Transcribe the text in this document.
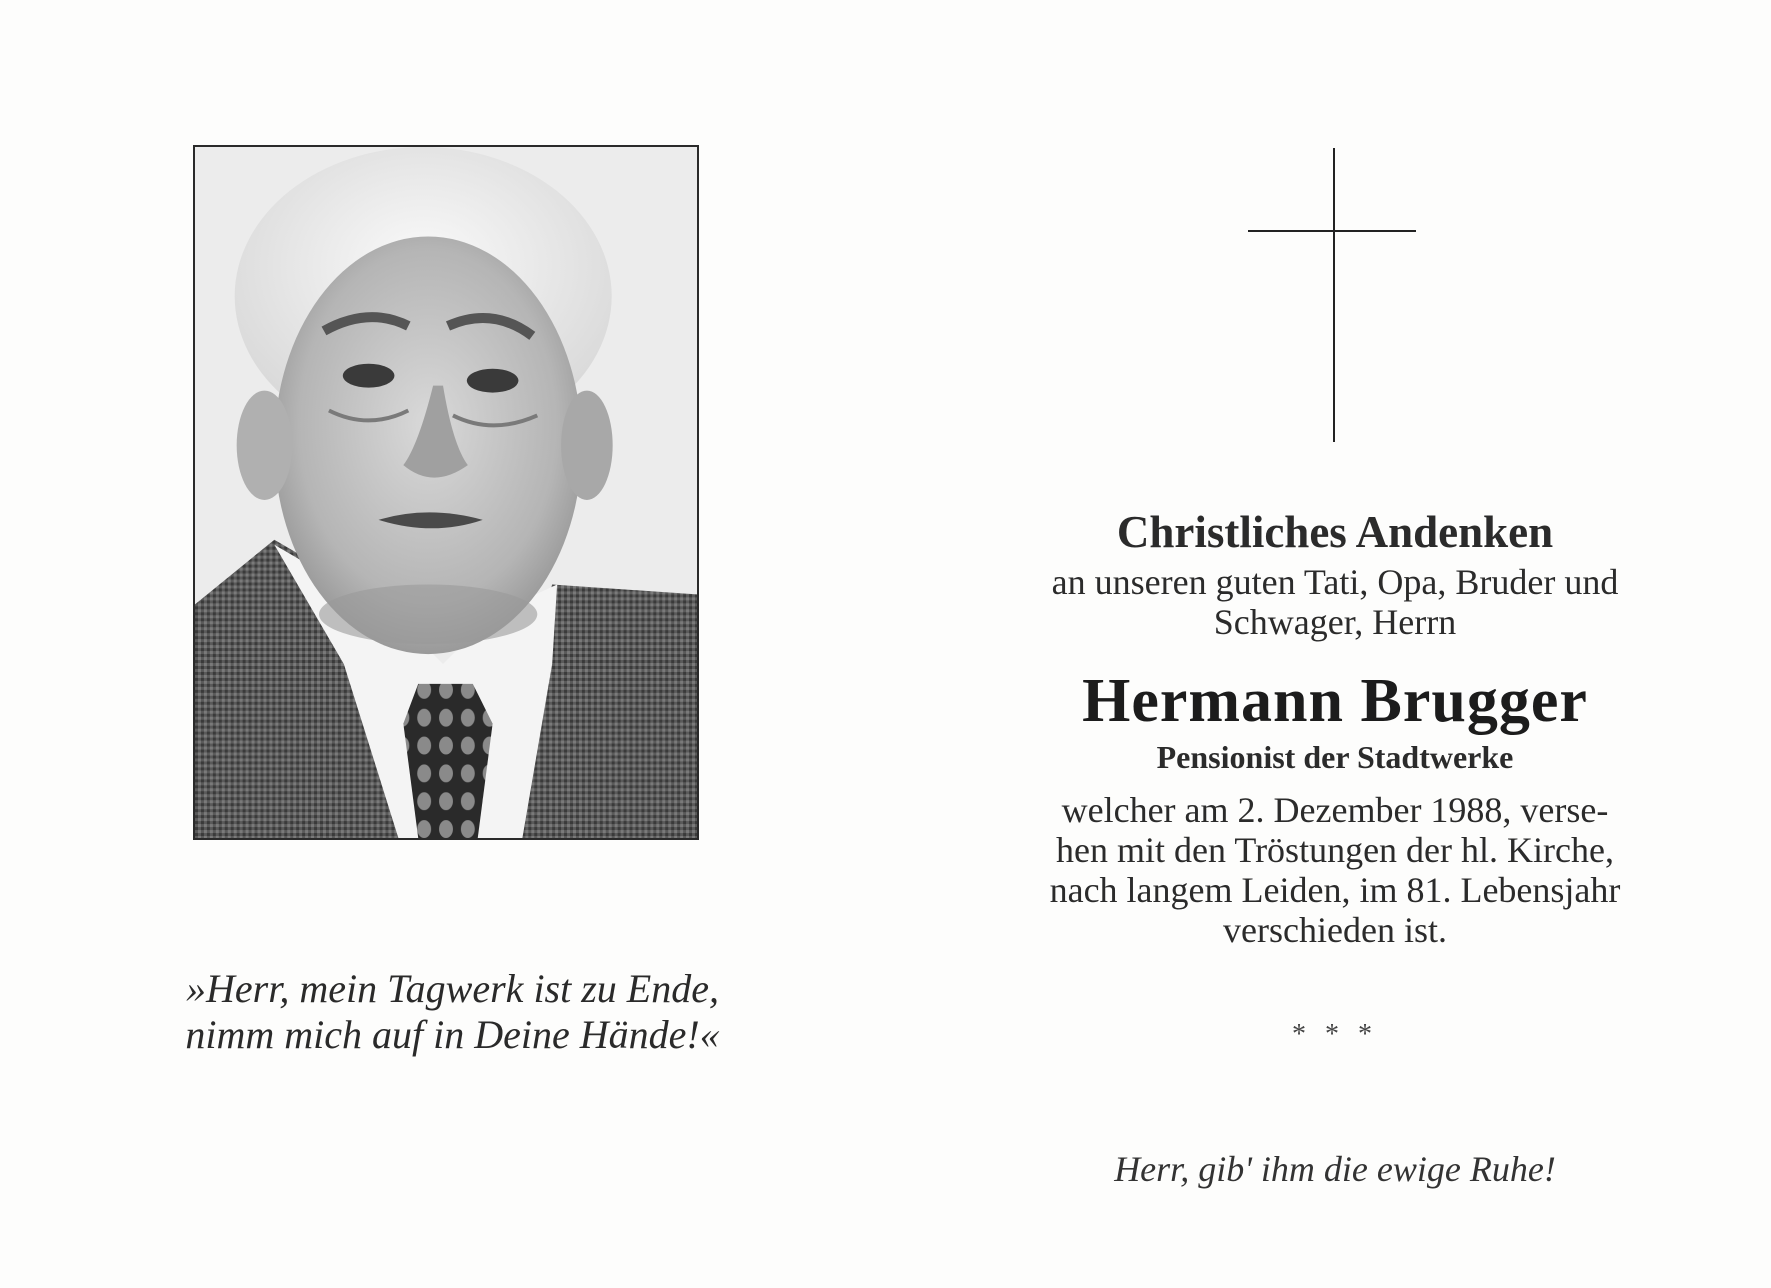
»Herr, mein Tagwerk ist zu Ende,
nimm mich auf in Deine Hände!«
Christliches Andenken
an unseren guten Tati, Opa, Bruder und
Schwager, Herrn
Hermann Brugger
Pensionist der Stadtwerke
welcher am 2. Dezember 1988, verse-
hen mit den Tröstungen der hl. Kirche,
nach langem Leiden, im 81. Lebensjahr
verschieden ist.
* * *
Herr, gib' ihm die ewige Ruhe!
